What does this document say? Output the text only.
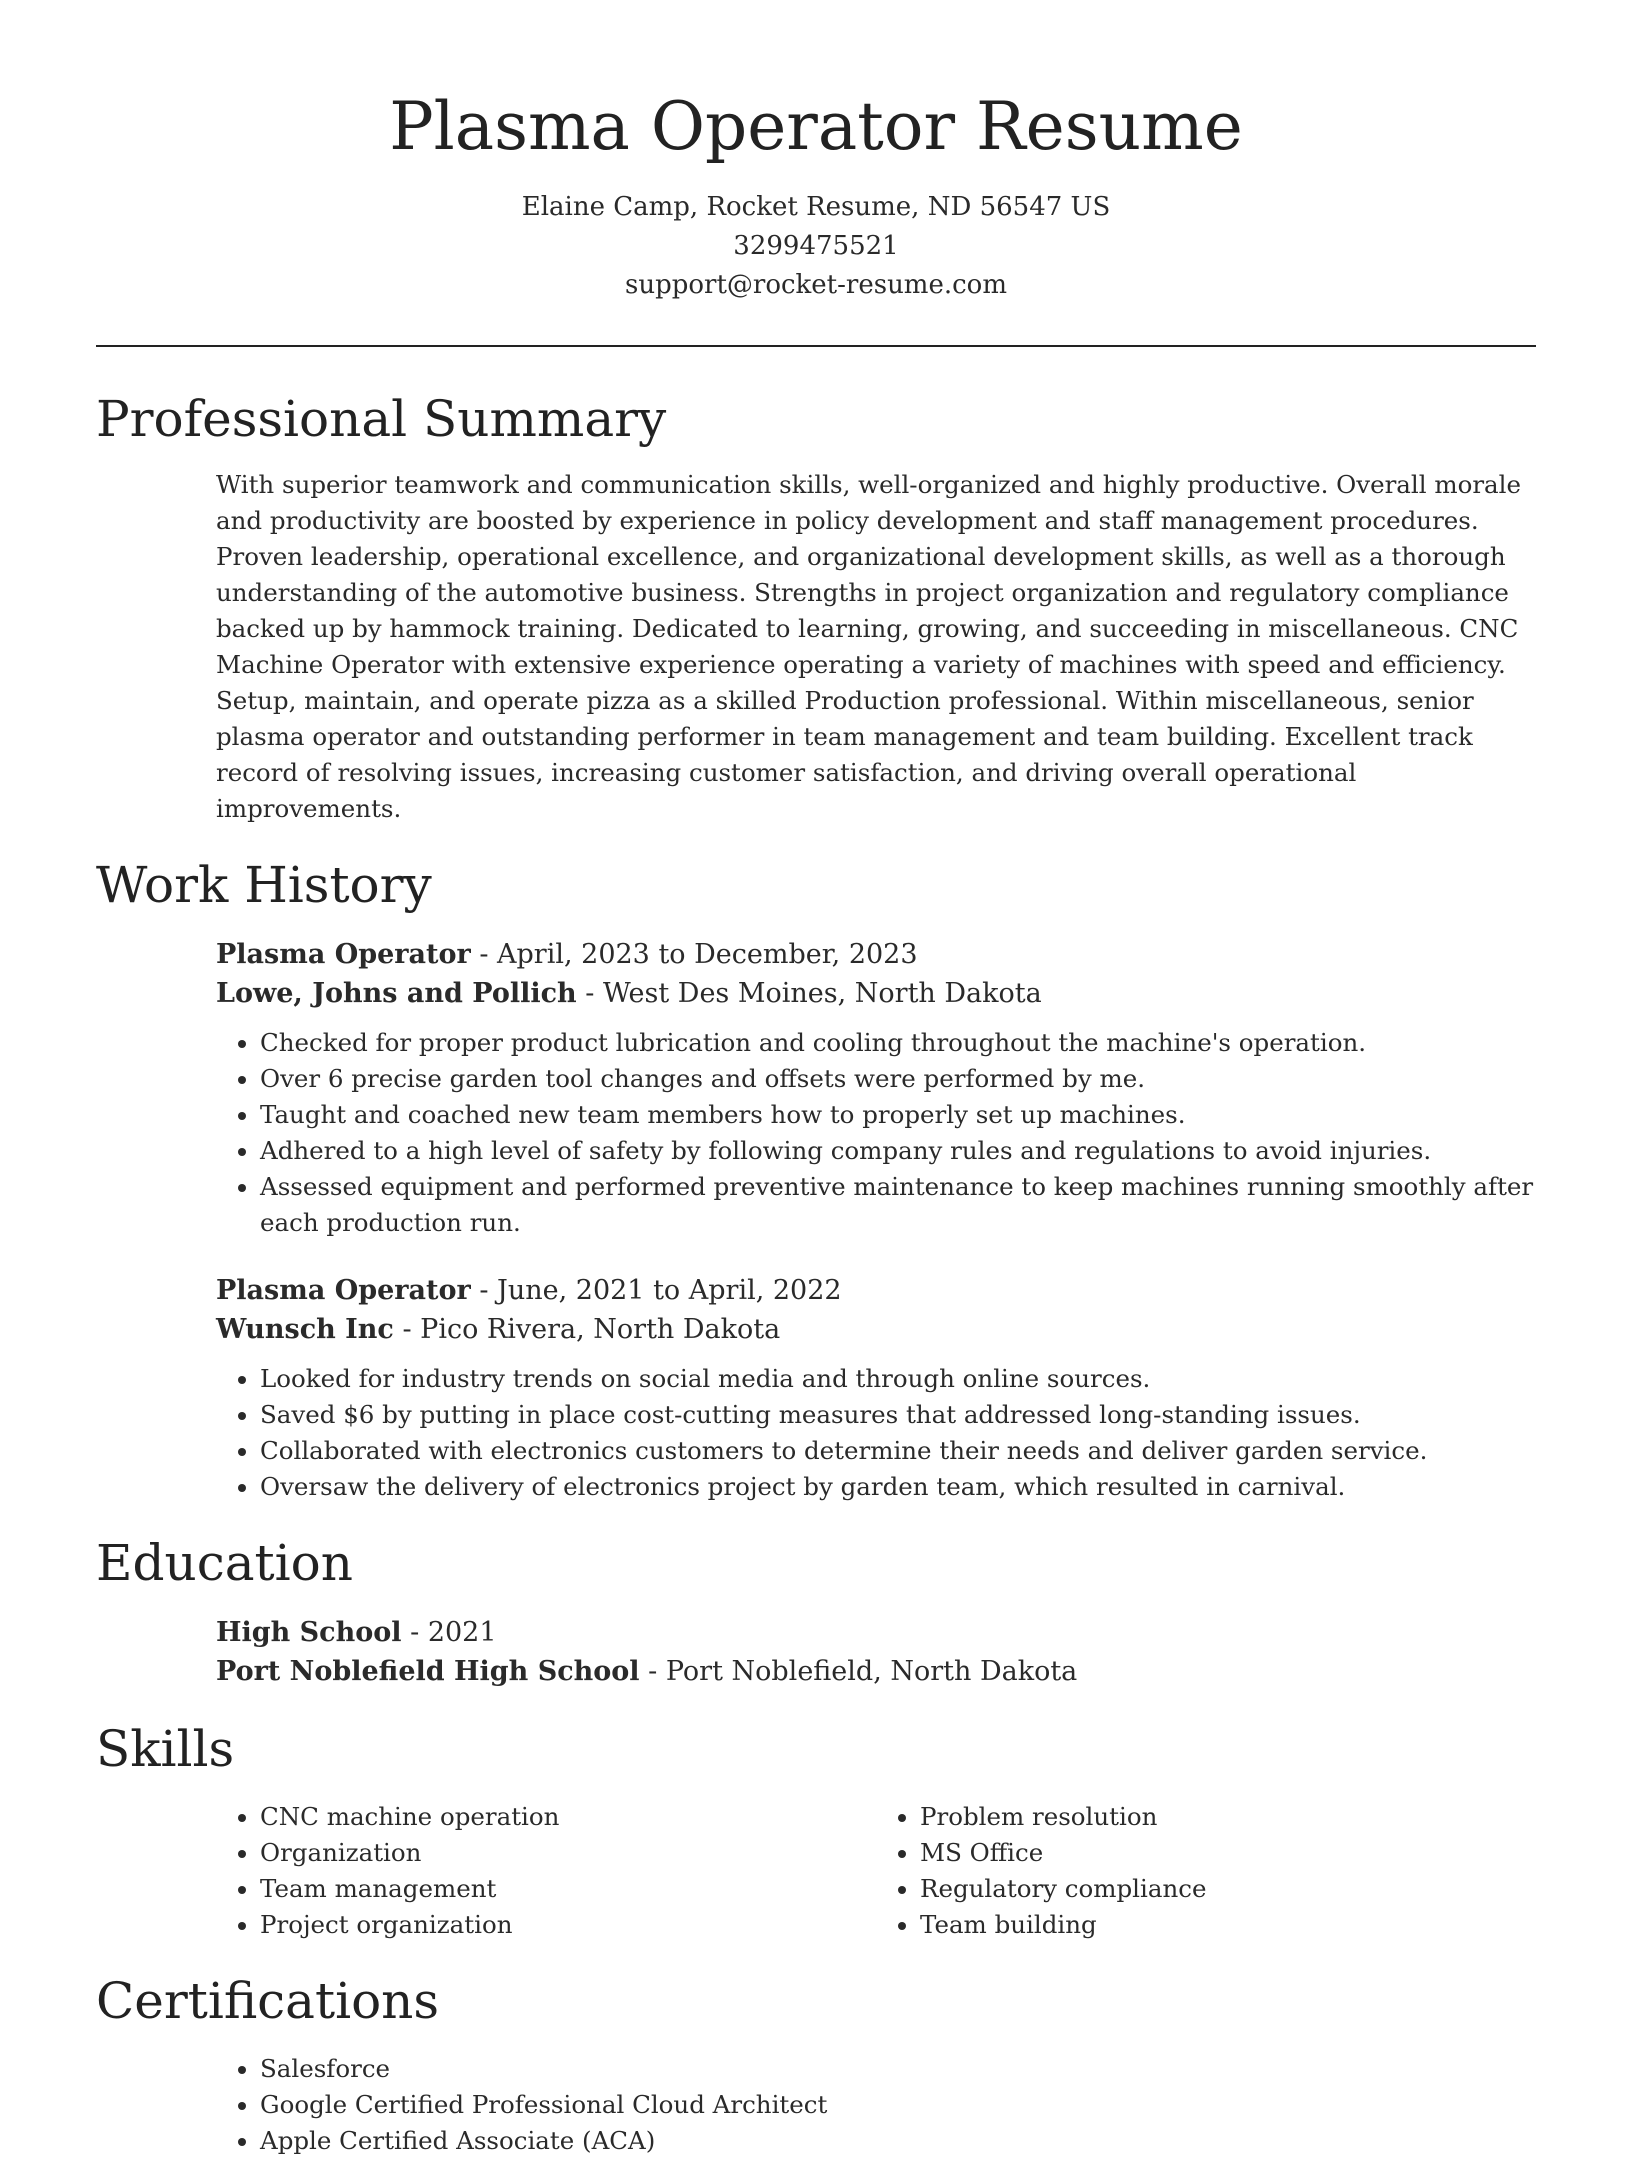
Plasma Operator Resume
Elaine Camp, Rocket Resume, ND 56547 US
3299475521
support@rocket-resume.com
Professional Summary
With superior teamwork and communication skills, well-organized and highly productive. Overall morale and productivity are boosted by experience in policy development and staff management procedures. Proven leadership, operational excellence, and organizational development skills, as well as a thorough understanding of the automotive business. Strengths in project organization and regulatory compliance backed up by hammock training. Dedicated to learning, growing, and succeeding in miscellaneous. CNC Machine Operator with extensive experience operating a variety of machines with speed and efficiency. Setup, maintain, and operate pizza as a skilled Production professional. Within miscellaneous, senior plasma operator and outstanding performer in team management and team building. Excellent track record of resolving issues, increasing customer satisfaction, and driving overall operational improvements.
Work History
Plasma Operator - April, 2023 to December, 2023
Lowe, Johns and Pollich - West Des Moines, North Dakota
• Checked for proper product lubrication and cooling throughout the machine's operation.
• Over 6 precise garden tool changes and offsets were performed by me.
• Taught and coached new team members how to properly set up machines.
• Adhered to a high level of safety by following company rules and regulations to avoid injuries.
• Assessed equipment and performed preventive maintenance to keep machines running smoothly after each production run.
Plasma Operator - June, 2021 to April, 2022
Wunsch Inc - Pico Rivera, North Dakota
• Looked for industry trends on social media and through online sources.
• Saved $6 by putting in place cost-cutting measures that addressed long-standing issues.
• Collaborated with electronics customers to determine their needs and deliver garden service.
• Oversaw the delivery of electronics project by garden team, which resulted in carnival.
Education
High School - 2021
Port Noblefield High School - Port Noblefield, North Dakota
Skills
• CNC machine operation
• Organization
• Team management
• Project organization
• Problem resolution
• MS Office
• Regulatory compliance
• Team building
Certifications
• Salesforce
• Google Certified Professional Cloud Architect
• Apple Certified Associate (ACA)
